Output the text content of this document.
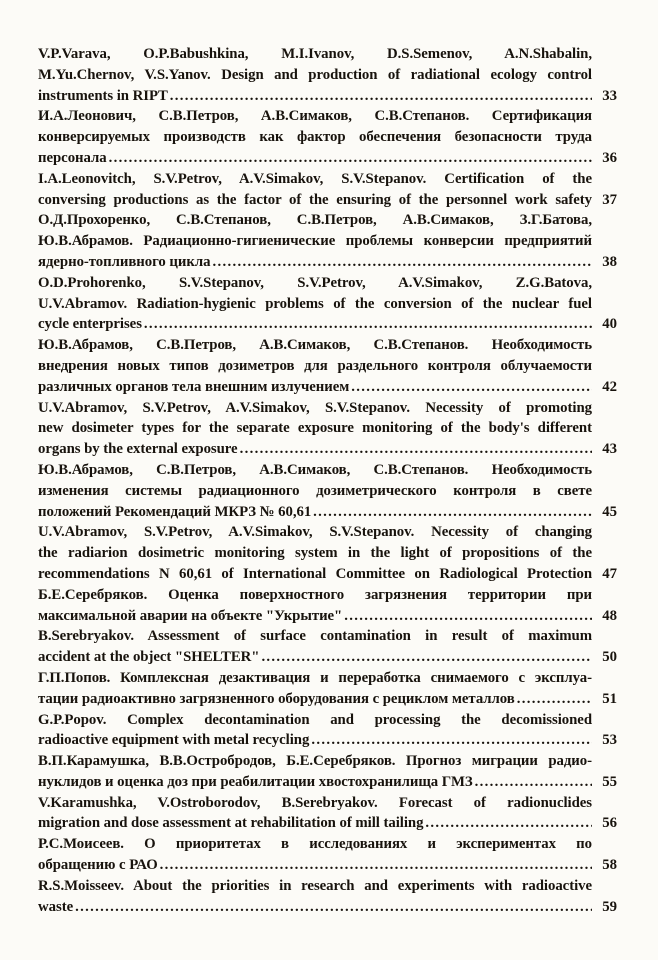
V.P.Varava, O.P.Babushkina, M.I.Ivanov, D.S.Semenov, A.N.Shabalin,
M.Yu.Chernov, V.S.Yanov. Design and production of radiational ecology control
instruments in RIPT .....	33
И.А.Леонович, С.В.Петров, А.В.Симаков, С.В.Степанов. Сертификация
конверсируемых производств как фактор обеспечения безопасности труда
персонала .....	36
I.A.Leonovitch, S.V.Petrov, A.V.Simakov, S.V.Stepanov. Certification of the
conversing productions as the factor of the ensuring of the personnel work safety 37
О.Д.Прохоренко, С.В.Степанов, С.В.Петров, А.В.Симаков, З.Г.Батова,
Ю.В.Абрамов. Радиационно-гигиенические проблемы конверсии предприятий
ядерно-топливного цикла .....	38
O.D.Prohorenko, S.V.Stepanov, S.V.Petrov, A.V.Simakov, Z.G.Batova,
U.V.Abramov. Radiation-hygienic problems of the conversion of the nuclear fuel
cycle enterprises .....	40
Ю.В.Абрамов, С.В.Петров, А.В.Симаков, С.В.Степанов. Необходимость
внедрения новых типов дозиметров для раздельного контроля облучаемости
различных органов тела внешним излучением .....	42
U.V.Abramov, S.V.Petrov, A.V.Simakov, S.V.Stepanov. Necessity of promoting
new dosimeter types for the separate exposure monitoring of the body's different
organs by the external exposure .....	43
Ю.В.Абрамов, С.В.Петров, А.В.Симаков, С.В.Степанов. Необходимость
изменения системы радиационного дозиметрического контроля в свете
положений Рекомендаций МКРЗ № 60,61 .....	45
U.V.Abramov, S.V.Petrov, A.V.Simakov, S.V.Stepanov. Necessity of changing
the radiarion dosimetric monitoring system in the light of propositions of the
recommendations N 60,61 of International Committee on Radiological Protection 47
Б.Е.Серебряков. Оценка поверхностного загрязнения территории при
максимальной аварии на объекте "Укрытие" .....	48
B.Serebryakov. Assessment of surface contamination in result of maximum
accident at the object "SHELTER" .....	50
Г.П.Попов. Комплексная дезактивация и переработка снимаемого с эксплуа-
тации радиоактивно загрязненного оборудования с рециклом металлов .....	51
G.P.Popov. Complex decontamination and processing the decomissioned
radioactive equipment with metal recycling .....	53
В.П.Карамушка, В.В.Остробродов, Б.Е.Серебряков. Прогноз миграции радио-
нуклидов и оценка доз при реабилитации хвостохранилища ГМЗ .....	55
V.Karamushka, V.Ostroborodov, B.Serebryakov. Forecast of radionuclides
migration and dose assessment at rehabilitation of mill tailing .....	56
Р.С.Моисеев. О приоритетах в исследованиях и экспериментах по
обращению с РАО .....	58
R.S.Moisseev. About the priorities in research and experiments with radioactive
waste .....	59
